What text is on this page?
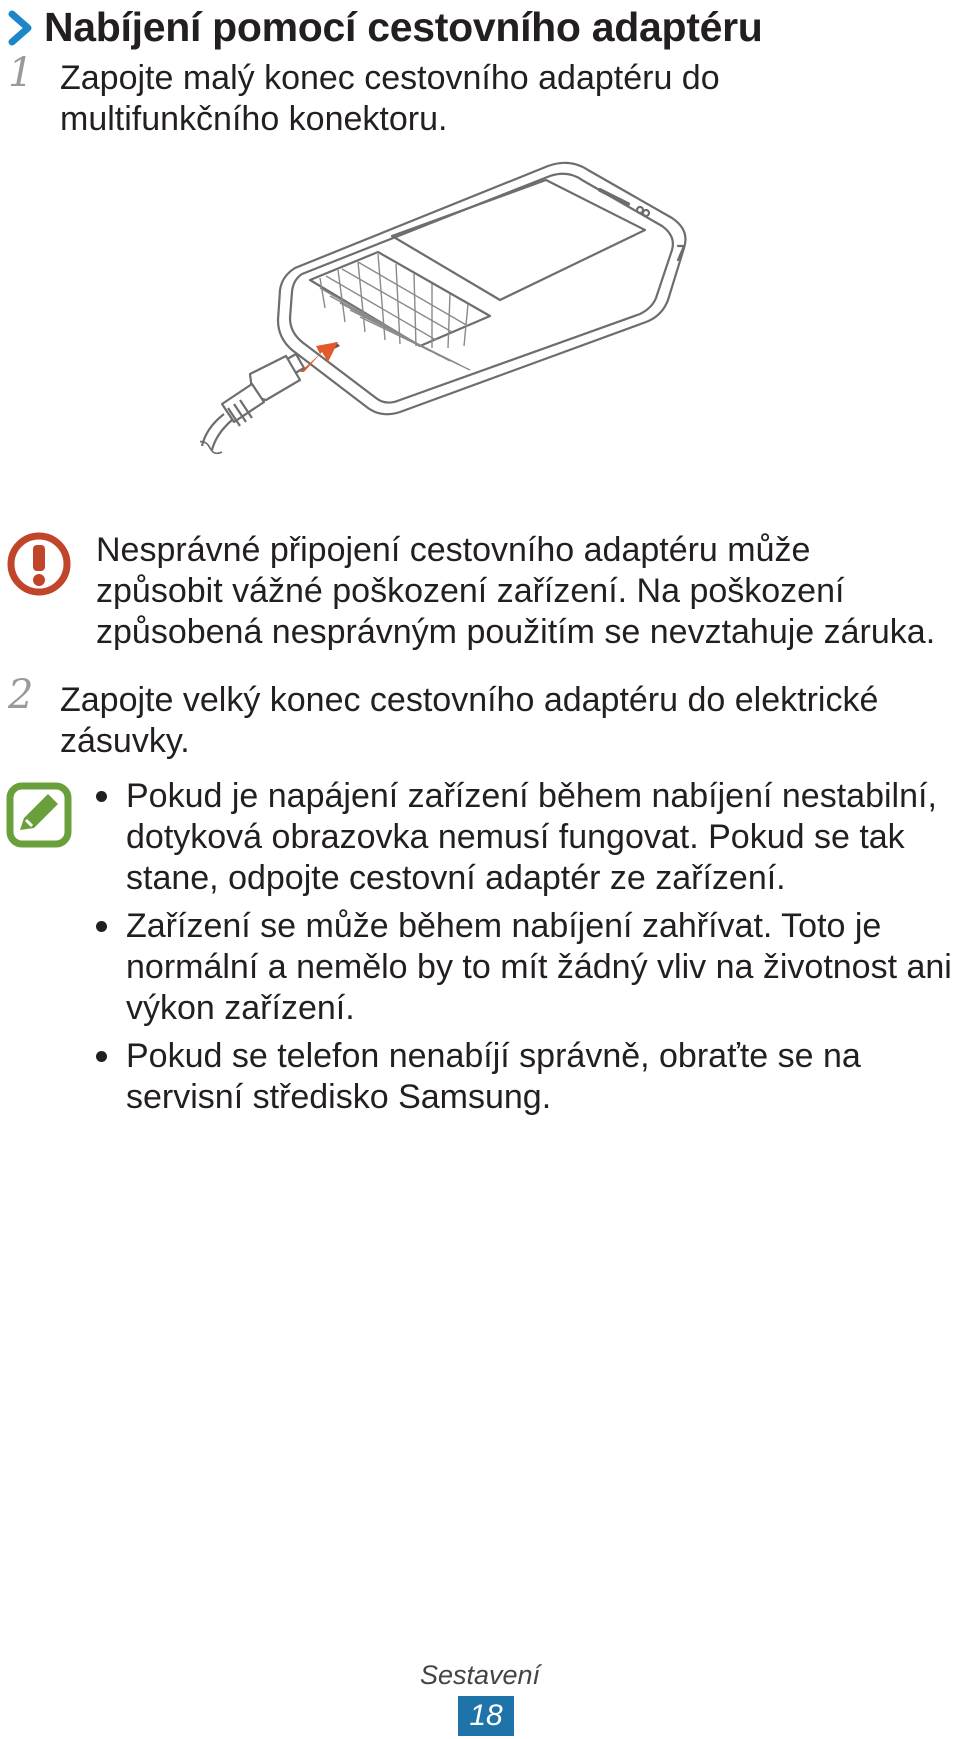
Nabíjení pomocí cestovního adaptéru
1 Zapojte malý konec cestovního adaptéru do multifunkčního konektoru.
Nesprávné připojení cestovního adaptéru může způsobit vážné poškození zařízení. Na poškození způsobená nesprávným použitím se nevztahuje záruka.
2 Zapojte velký konec cestovního adaptéru do elektrické zásuvky.
Pokud je napájení zařízení během nabíjení nestabilní, dotyková obrazovka nemusí fungovat. Pokud se tak stane, odpojte cestovní adaptér ze zařízení.
Zařízení se může během nabíjení zahřívat. Toto je normální a nemělo by to mít žádný vliv na životnost ani výkon zařízení.
Pokud se telefon nenabíjí správně, obraťte se na servisní středisko Samsung.
Sestavení
18
